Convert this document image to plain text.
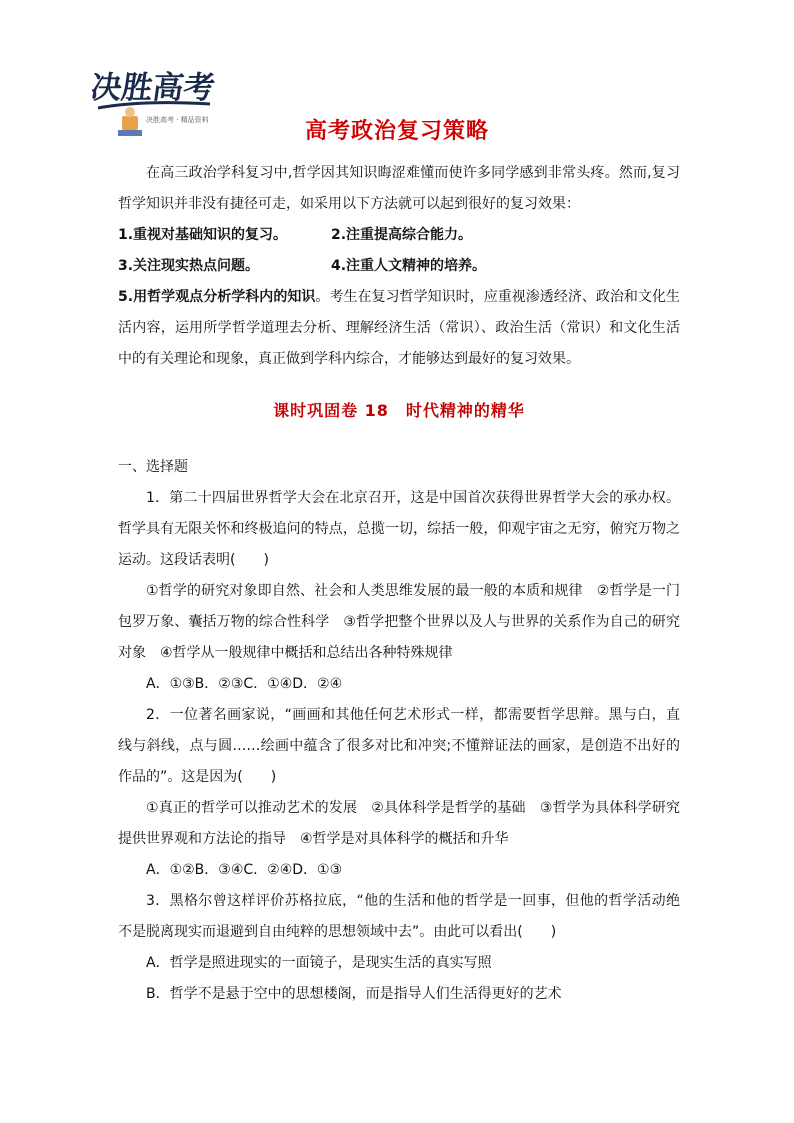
决胜高考
决胜高考 · 精品资料	高考政治复习策略

在高三政治学科复习中,哲学因其知识晦涩难懂而使许多同学感到非常头疼。然而,复习哲学知识并非没有捷径可走，如采用以下方法就可以起到很好的复习效果：

1.重视对基础知识的复习。	2.注重提高综合能力。
3.关注现实热点问题。	4.注重人文精神的培养。

5.用哲学观点分析学科内的知识。考生在复习哲学知识时，应重视渗透经济、政治和文化生活内容，运用所学哲学道理去分析、理解经济生活（常识）、政治生活（常识）和文化生活中的有关理论和现象，真正做到学科内综合，才能够达到最好的复习效果。

课时巩固卷 18　时代精神的精华

一、选择题

1．第二十四届世界哲学大会在北京召开，这是中国首次获得世界哲学大会的承办权。哲学具有无限关怀和终极追问的特点，总揽一切，综括一般，仰观宇宙之无穷，俯究万物之运动。这段话表明(　　)

①哲学的研究对象即自然、社会和人类思维发展的最一般的本质和规律　②哲学是一门包罗万象、囊括万物的综合性科学　③哲学把整个世界以及人与世界的关系作为自己的研究对象　④哲学从一般规律中概括和总结出各种特殊规律

A．①③B．②③C．①④D．②④

2．一位著名画家说，“画画和其他任何艺术形式一样，都需要哲学思辩。黑与白，直线与斜线，点与圆……绘画中蕴含了很多对比和冲突;不懂辩证法的画家，是创造不出好的作品的”。这是因为(　　)

①真正的哲学可以推动艺术的发展　②具体科学是哲学的基础　③哲学为具体科学研究提供世界观和方法论的指导　④哲学是对具体科学的概括和升华

A．①②B．③④C．②④D．①③

3．黑格尔曾这样评价苏格拉底，“他的生活和他的哲学是一回事，但他的哲学活动绝不是脱离现实而退避到自由纯粹的思想领域中去”。由此可以看出(　　)

A．哲学是照进现实的一面镜子，是现实生活的真实写照

B．哲学不是悬于空中的思想楼阁，而是指导人们生活得更好的艺术
